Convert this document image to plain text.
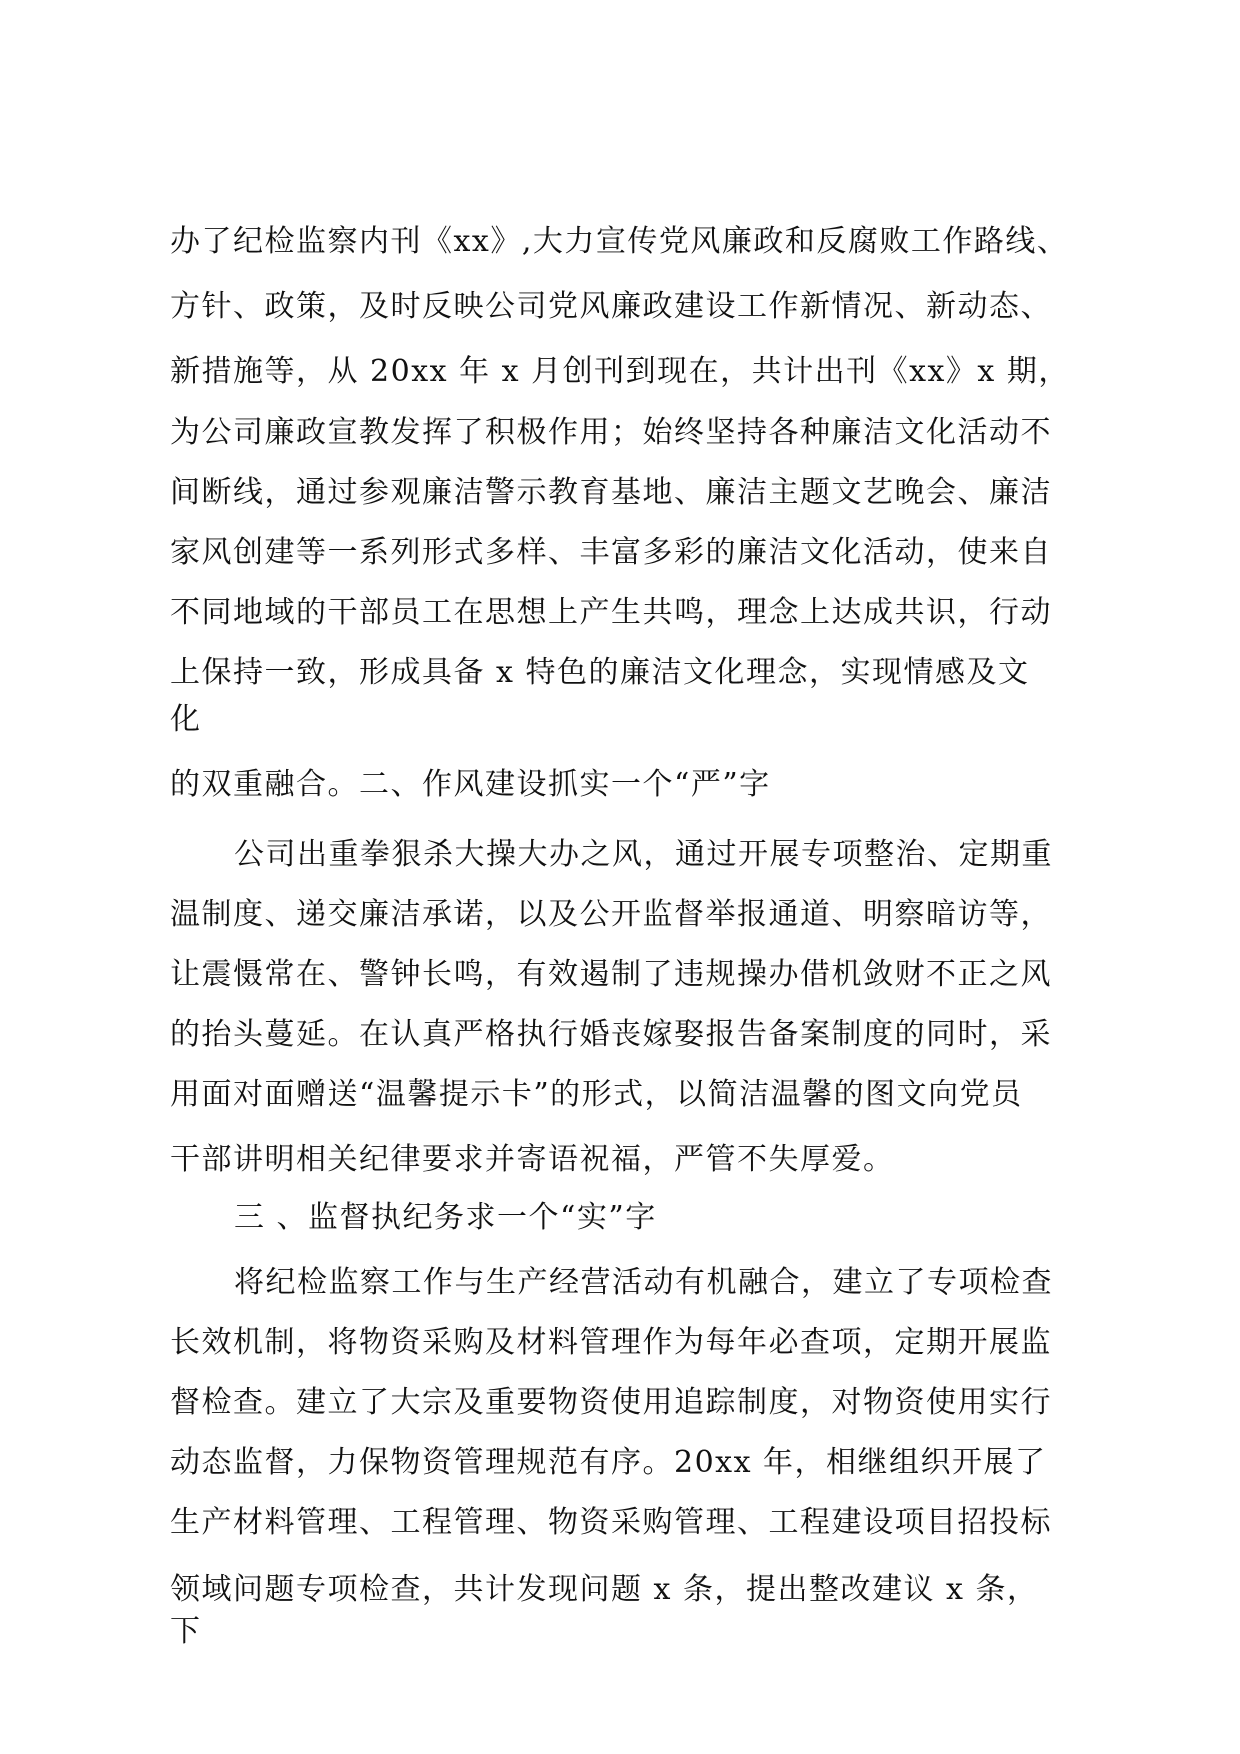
办了纪检监察内刊《xx》,大力宣传党风廉政和反腐败工作路线、
方针、政策，及时反映公司党风廉政建设工作新情况、新动态、
新措施等，从 20xx 年 x 月创刊到现在，共计出刊《xx》x 期，
为公司廉政宣教发挥了积极作用；始终坚持各种廉洁文化活动不
间断线，通过参观廉洁警示教育基地、廉洁主题文艺晚会、廉洁
家风创建等一系列形式多样、丰富多彩的廉洁文化活动，使来自
不同地域的干部员工在思想上产生共鸣，理念上达成共识，行动
上保持一致，形成具备 x 特色的廉洁文化理念，实现情感及文
化
的双重融合。二、作风建设抓实一个“严”字
公司出重拳狠杀大操大办之风，通过开展专项整治、定期重
温制度、递交廉洁承诺，以及公开监督举报通道、明察暗访等，
让震慑常在、警钟长鸣，有效遏制了违规操办借机敛财不正之风
的抬头蔓延。在认真严格执行婚丧嫁娶报告备案制度的同时，采
用面对面赠送“温馨提示卡”的形式，以简洁温馨的图文向党员
干部讲明相关纪律要求并寄语祝福，严管不失厚爱。
三 、监督执纪务求一个“实”字
将纪检监察工作与生产经营活动有机融合，建立了专项检查
长效机制，将物资采购及材料管理作为每年必查项，定期开展监
督检查。建立了大宗及重要物资使用追踪制度，对物资使用实行
动态监督，力保物资管理规范有序。20xx 年，相继组织开展了
生产材料管理、工程管理、物资采购管理、工程建设项目招投标
领域问题专项检查，共计发现问题 x 条，提出整改建议 x 条，
下
